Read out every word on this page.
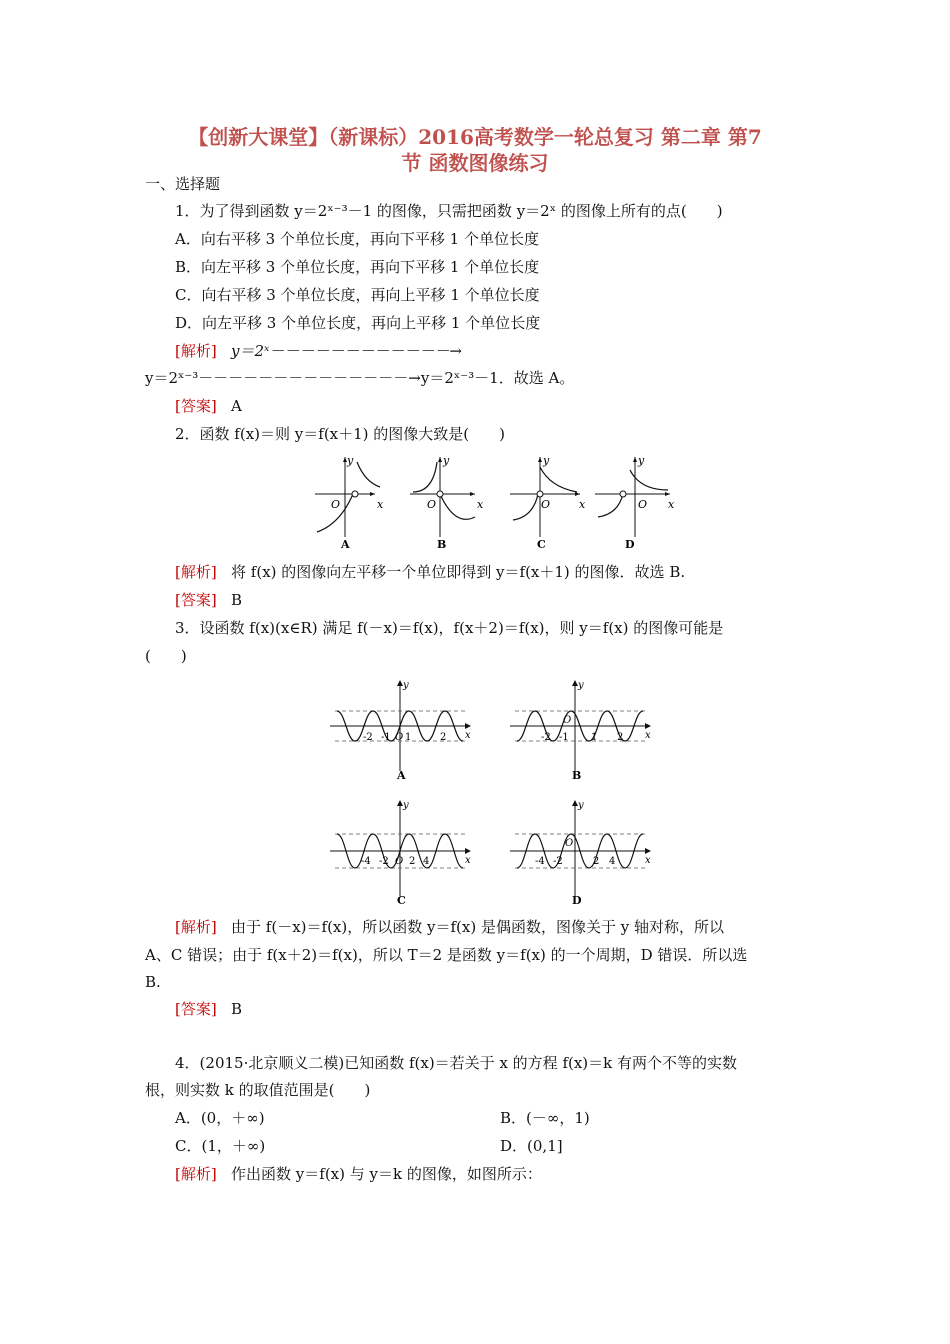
【创新大课堂】（新课标）2016高考数学一轮总复习 第二章 第7
节 函数图像练习
一、选择题
1．为了得到函数 y＝2ˣ⁻³－1 的图像，只需把函数 y＝2ˣ 的图像上所有的点(　　)
A．向右平移 3 个单位长度，再向下平移 1 个单位长度
B．向左平移 3 个单位长度，再向下平移 1 个单位长度
C．向右平移 3 个单位长度，再向上平移 1 个单位长度
D．向左平移 3 个单位长度，再向上平移 1 个单位长度
[解析] y＝2ˣ－－－－－－－－－－－－→
y＝2ˣ⁻³－－－－－－－－－－－－－－→y＝2ˣ⁻³－1．故选 A。
[答案] A
2．函数 f(x)＝则 y＝f(x＋1) 的图像大致是(　　)
y
x
O
A
y
x
O
B
y
x
O
C
y
x
O
D
[解析] 将 f(x) 的图像向左平移一个单位即得到 y＝f(x＋1) 的图像．故选 B.
[答案] B
3．设函数 f(x)(x∈R) 满足 f(－x)＝f(x)，f(x＋2)＝f(x)，则 y＝f(x) 的图像可能是
(　　)
y
x
-2 -1 O 1	2
A
y
x
-2 -1
O
1 2
B
y
x
-4 -2 O 2 4
C
y
x
-4 -2
O
2 4
D
[解析] 由于 f(－x)＝f(x)，所以函数 y＝f(x) 是偶函数，图像关于 y 轴对称，所以
A、C 错误；由于 f(x＋2)＝f(x)，所以 T＝2 是函数 y＝f(x) 的一个周期，D 错误．所以选
B.
[答案] B
4．(2015·北京顺义二模)已知函数 f(x)＝若关于 x 的方程 f(x)＝k 有两个不等的实数
根，则实数 k 的取值范围是(　　)
A．(0，＋∞)	B．(－∞，1)
C．(1，＋∞)	D．(0,1]
[解析] 作出函数 y＝f(x) 与 y＝k 的图像，如图所示：
